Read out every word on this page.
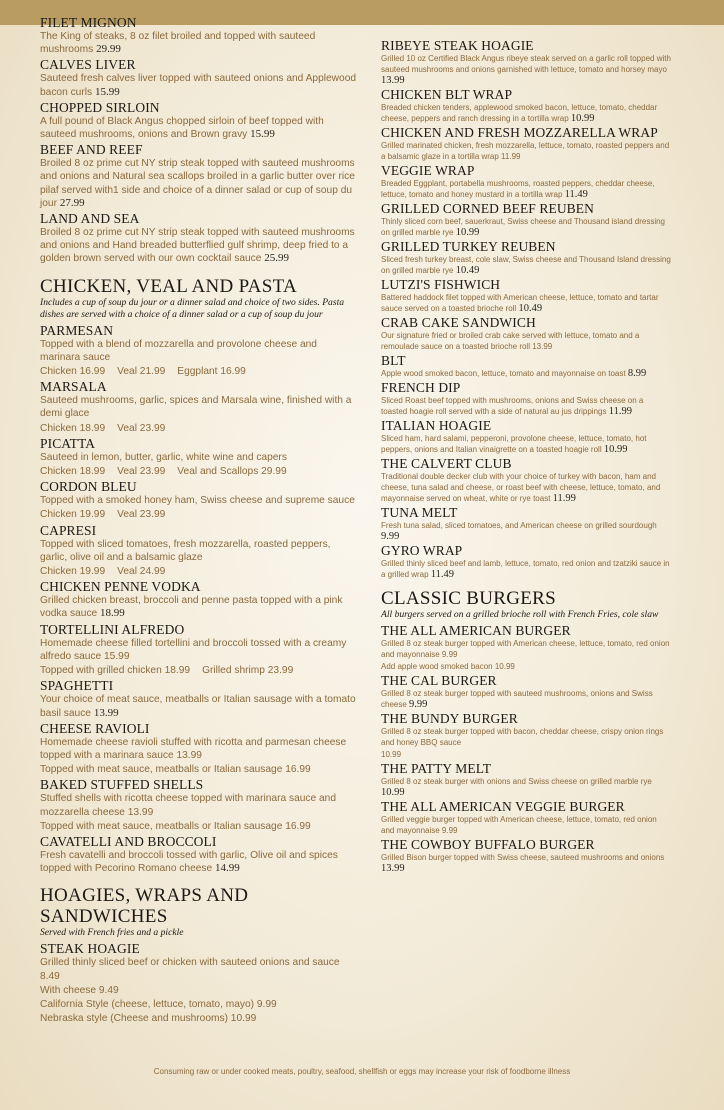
FILET MIGNON
The King of steaks, 8 oz filet broiled and topped with sauteed mushrooms 29.99
CALVES LIVER
Sauteed fresh calves liver topped with sauteed onions and Applewood bacon curls 15.99
CHOPPED SIRLOIN
A full pound of Black Angus chopped sirloin of beef topped with sauteed mushrooms, onions and Brown gravy 15.99
BEEF AND REEF
Broiled 8 oz prime cut NY strip steak topped with sauteed mushrooms and onions and Natural sea scallops broiled in a garlic butter over rice pilaf served with1 side and choice of a dinner salad or cup of soup du jour 27.99
LAND AND SEA
Broiled 8 oz prime cut NY strip steak topped with sauteed mushrooms and onions and Hand breaded butterflied gulf shrimp, deep fried to a golden brown served with our own cocktail sauce 25.99
CHICKEN, VEAL AND PASTA
Includes a cup of soup du jour or a dinner salad and choice of two sides. Pasta dishes are served with a choice of a dinner salad or a cup of soup du jour
PARMESAN
Topped with a blend of mozzarella and provolone cheese and marinara sauce
Chicken 16.99 Veal 21.99 Eggplant 16.99
MARSALA
Sauteed mushrooms, garlic, spices and Marsala wine, finished with a demi glace
Chicken 18.99 Veal 23.99
PICATTA
Sauteed in lemon, butter, garlic, white wine and capers
Chicken 18.99 Veal 23.99 Veal and Scallops 29.99
CORDON BLEU
Topped with a smoked honey ham, Swiss cheese and supreme sauce
Chicken 19.99 Veal 23.99
CAPRESI
Topped with sliced tomatoes, fresh mozzarella, roasted peppers, garlic, olive oil and a balsamic glaze
Chicken 19.99 Veal 24.99
CHICKEN PENNE VODKA
Grilled chicken breast, broccoli and penne pasta topped with a pink vodka sauce 18.99
TORTELLINI ALFREDO
Homemade cheese filled tortellini and broccoli tossed with a creamy alfredo sauce 15.99
Topped with grilled chicken 18.99 Grilled shrimp 23.99
SPAGHETTI
Your choice of meat sauce, meatballs or Italian sausage with a tomato basil sauce 13.99
CHEESE RAVIOLI
Homemade cheese ravioli stuffed with ricotta and parmesan cheese topped with a marinara sauce 13.99
Topped with meat sauce, meatballs or Italian sausage 16.99
BAKED STUFFED SHELLS
Stuffed shells with ricotta cheese topped with marinara sauce and mozzarella cheese 13.99
Topped with meat sauce, meatballs or Italian sausage 16.99
CAVATELLI AND BROCCOLI
Fresh cavatelli and broccoli tossed with garlic, Olive oil and spices topped with Pecorino Romano cheese 14.99
HOAGIES, WRAPS AND SANDWICHES
Served with French fries and a pickle
STEAK HOAGIE
Grilled thinly sliced beef or chicken with sauteed onions and sauce 8.49
With cheese 9.49
California Style (cheese, lettuce, tomato, mayo) 9.99
Nebraska style (Cheese and mushrooms) 10.99
RIBEYE STEAK HOAGIE
Grilled 10 oz Certified Black Angus ribeye steak served on a garlic roll topped with sauteed mushrooms and onions garnished with lettuce, tomato and horsey mayo 13.99
CHICKEN BLT WRAP
Breaded chicken tenders, applewood smoked bacon, lettuce, tomato, cheddar cheese, peppers and ranch dressing in a tortilla wrap 10.99
CHICKEN AND FRESH MOZZARELLA WRAP
Grilled marinated chicken, fresh mozzarella, lettuce, tomato, roasted peppers and a balsamic glaze in a tortilla wrap 11.99
VEGGIE WRAP
Breaded Eggplant, portabella mushrooms, roasted peppers, cheddar cheese, lettuce, tomato and honey mustard in a tortilla wrap 11.49
GRILLED CORNED BEEF REUBEN
Thinly sliced corn beef, sauerkraut, Swiss cheese and Thousand island dressing on grilled marble rye 10.99
GRILLED TURKEY REUBEN
Sliced fresh turkey breast, cole slaw, Swiss cheese and Thousand Island dressing on grilled marble rye 10.49
LUTZI'S FISHWICH
Battered haddock filet topped with American cheese, lettuce, tomato and tartar sauce served on a toasted brioche roll 10.49
CRAB CAKE SANDWICH
Our signature fried or broiled crab cake served with lettuce, tomato and a remoulade sauce on a toasted brioche roll 13.99
BLT
Apple wood smoked bacon, lettuce, tomato and mayonnaise on toast 8.99
FRENCH DIP
Sliced Roast beef topped with mushrooms, onions and Swiss cheese on a toasted hoagie roll served with a side of natural au jus drippings 11.99
ITALIAN HOAGIE
Sliced ham, hard salami, pepperoni, provolone cheese, lettuce, tomato, hot peppers, onions and Italian vinaigrette on a toasted hoagie roll 10.99
THE CALVERT CLUB
Traditional double decker club with your choice of turkey with bacon, ham and cheese, tuna salad and cheese, or roast beef with cheese, lettuce, tomato, and mayonnaise served on wheat, white or rye toast 11.99
TUNA MELT
Fresh tuna salad, sliced tomatoes, and American cheese on grilled sourdough 9.99
GYRO WRAP
Grilled thinly sliced beef and lamb, lettuce, tomato, red onion and tzatziki sauce in a grilled wrap 11.49
CLASSIC BURGERS
All burgers served on a grilled brioche roll with French Fries, cole slaw
THE ALL AMERICAN BURGER
Grilled 8 oz steak burger topped with American cheese, lettuce, tomato, red onion and mayonnaise 9.99
Add apple wood smoked bacon 10.99
THE CAL BURGER
Grilled 8 oz steak burger topped with sauteed mushrooms, onions and Swiss cheese 9.99
THE BUNDY BURGER
Grilled 8 oz steak burger topped with bacon, cheddar cheese, crispy onion rings and honey BBQ sauce
10.99
THE PATTY MELT
Grilled 8 oz steak burger with onions and Swiss cheese on grilled marble rye 10.99
THE ALL AMERICAN VEGGIE BURGER
Grilled veggie burger topped with American cheese, lettuce, tomato, red onion and mayonnaise 9.99
THE COWBOY BUFFALO BURGER
Grilled Bison burger topped with Swiss cheese, sauteed mushrooms and onions 13.99
Consuming raw or under cooked meats, poultry, seafood, shellfish or eggs may increase your risk of foodborne illness
